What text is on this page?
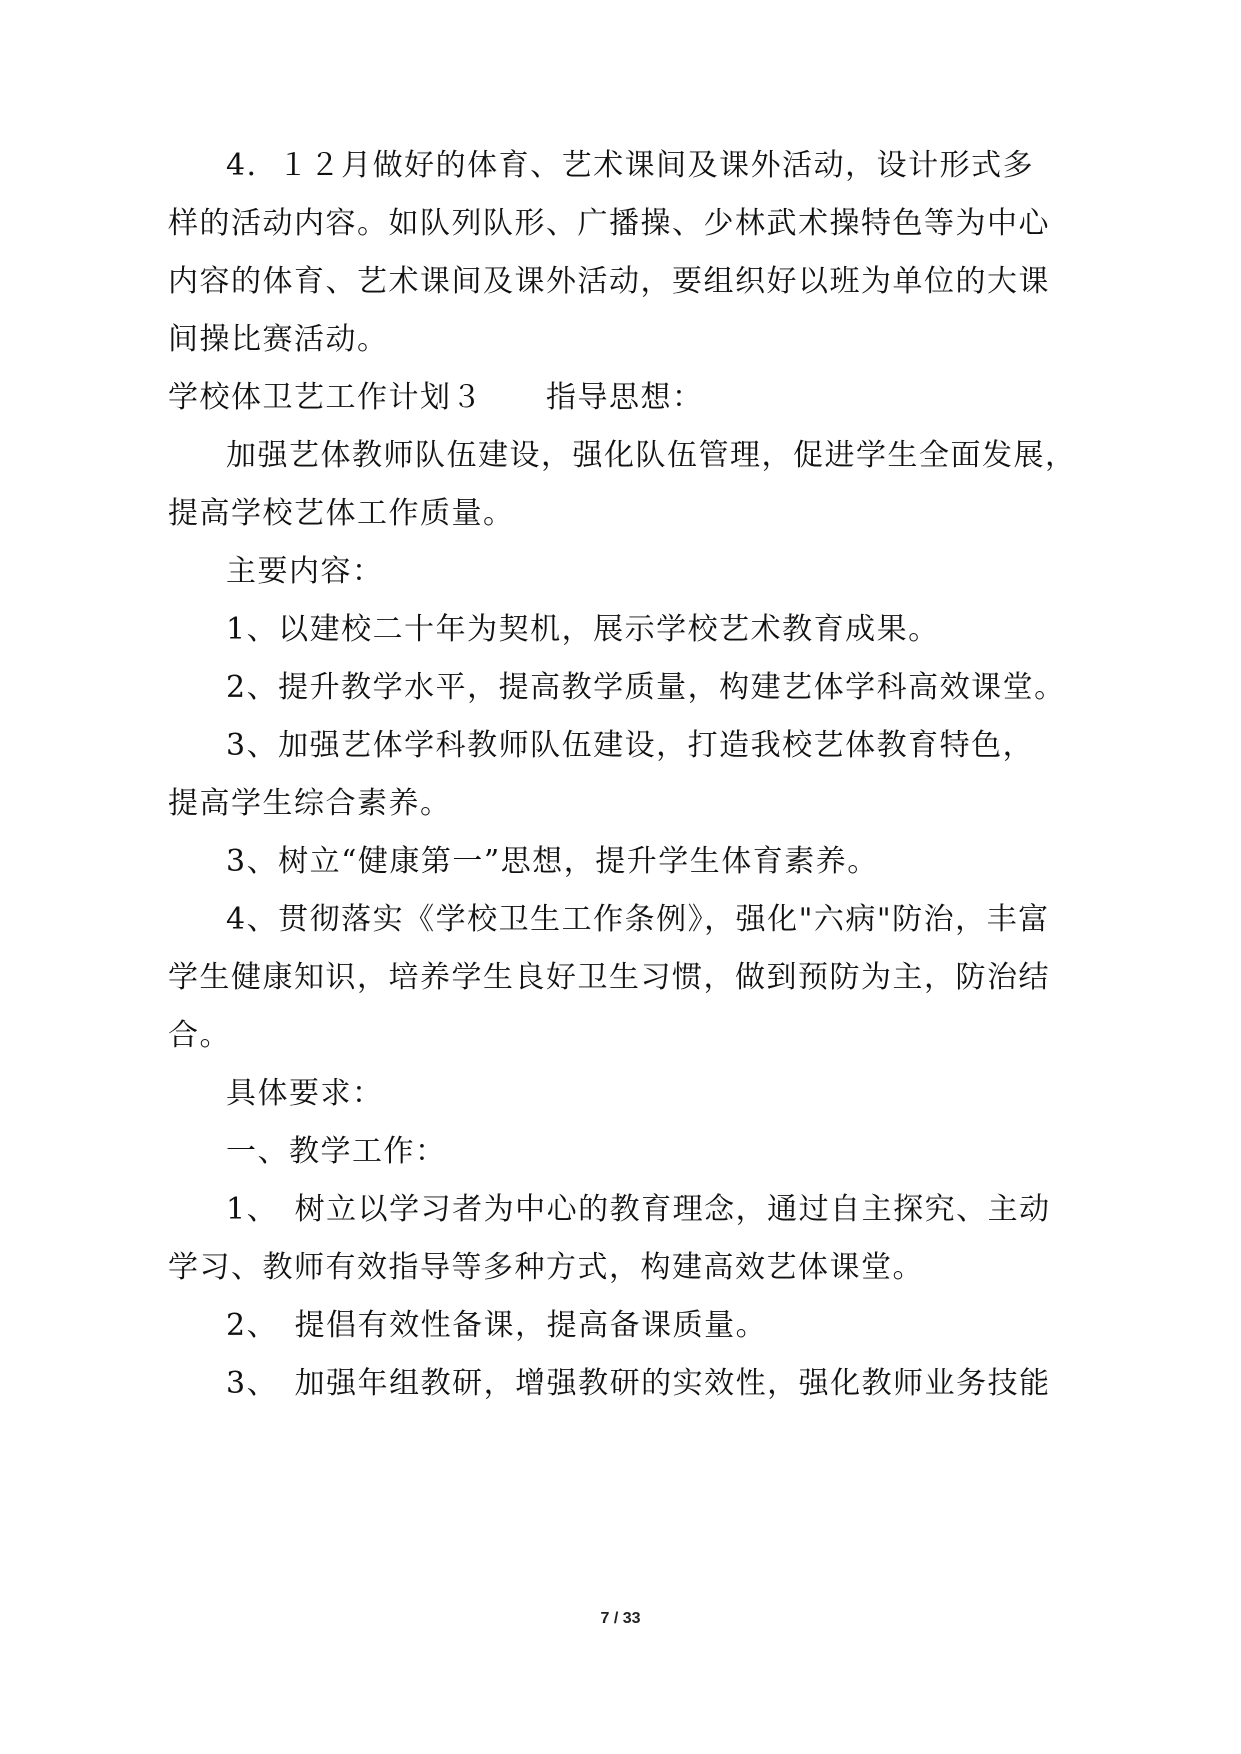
4．１２月做好的体育、艺术课间及课外活动，设计形式多
样的活动内容。如队列队形、广播操、少林武术操特色等为中心
内容的体育、艺术课间及课外活动，要组织好以班为单位的大课
间操比赛活动。
学校体卫艺工作计划３　　指导思想：
加强艺体教师队伍建设，强化队伍管理，促进学生全面发展，
提高学校艺体工作质量。
主要内容：
1、以建校二十年为契机，展示学校艺术教育成果。
2、提升教学水平，提高教学质量，构建艺体学科高效课堂。
3、加强艺体学科教师队伍建设，打造我校艺体教育特色，
提高学生综合素养。
3、树立“健康第一”思想，提升学生体育素养。
4、贯彻落实《学校卫生工作条例》，强化"六病"防治，丰富
学生健康知识，培养学生良好卫生习惯，做到预防为主，防治结
合。
具体要求：
一、教学工作：
1、　树立以学习者为中心的教育理念，通过自主探究、主动
学习、教师有效指导等多种方式，构建高效艺体课堂。
2、　提倡有效性备课，提高备课质量。
3、　加强年组教研，增强教研的实效性，强化教师业务技能
7 / 33
